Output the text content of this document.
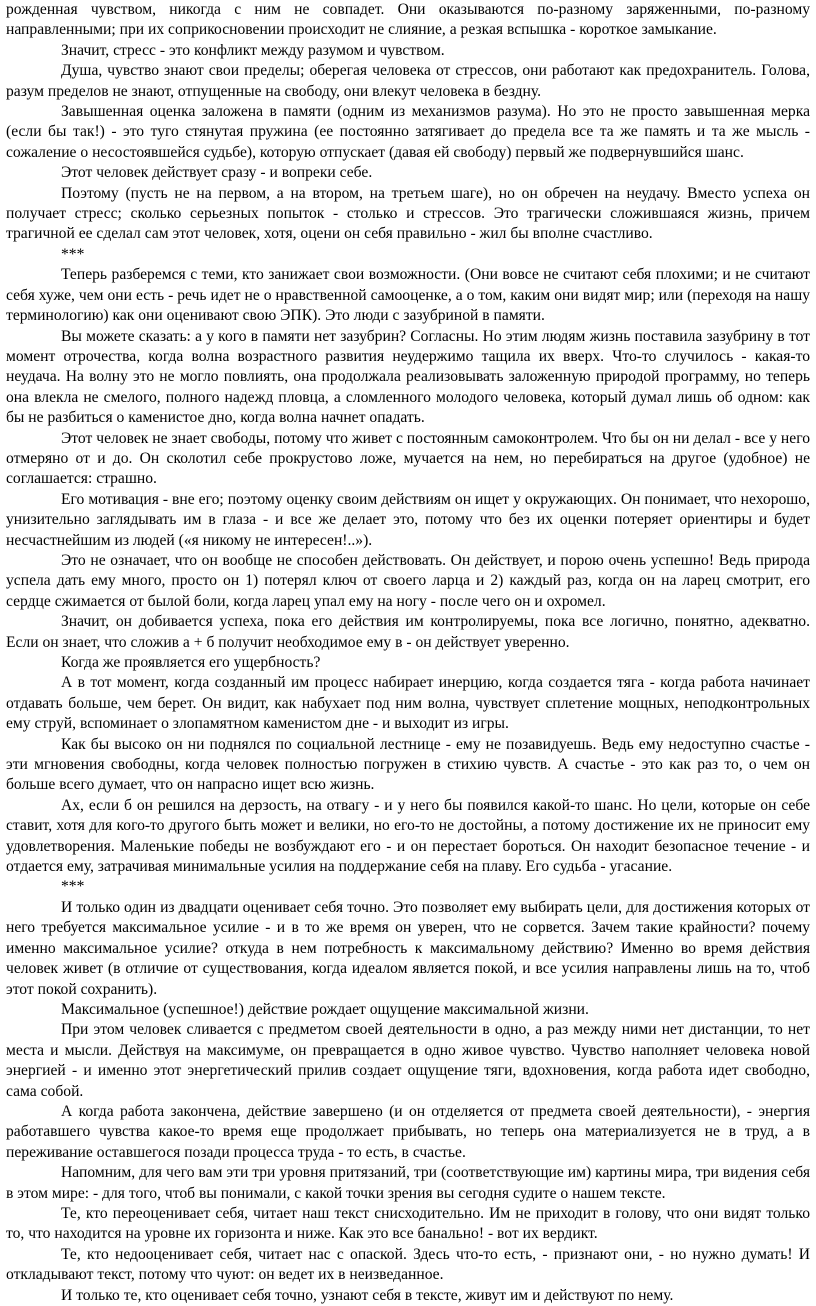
рожденная чувством, никогда с ним не совпадет. Они оказываются по-разному заряженными, по-разному направленными; при их соприкосновении происходит не слияние, а резкая вспышка - короткое замыкание.

Значит, стресс - это конфликт между разумом и чувством.

Душа, чувство знают свои пределы; оберегая человека от стрессов, они работают как предохранитель. Голова, разум пределов не знают, отпущенные на свободу, они влекут человека в бездну.

Завышенная оценка заложена в памяти (одним из механизмов разума). Но это не просто завышенная мерка (если бы так!) - это туго стянутая пружина (ее постоянно затягивает до предела все та же память и та же мысль - сожаление о несостоявшейся судьбе), которую отпускает (давая ей свободу) первый же подвернувшийся шанс.

Этот человек действует сразу - и вопреки себе.

Поэтому (пусть не на первом, а на втором, на третьем шаге), но он обречен на неудачу. Вместо успеха он получает стресс; сколько серьезных попыток - столько и стрессов. Это трагически сложившаяся жизнь, причем трагичной ее сделал сам этот человек, хотя, оцени он себя правильно - жил бы вполне счастливо.

***

Теперь разберемся с теми, кто занижает свои возможности. (Они вовсе не считают себя плохими; и не считают себя хуже, чем они есть - речь идет не о нравственной самооценке, а о том, каким они видят мир; или (переходя на нашу терминологию) как они оценивают свою ЭПК). Это люди с зазубриной в памяти.

Вы можете сказать: а у кого в памяти нет зазубрин? Согласны. Но этим людям жизнь поставила зазубрину в тот момент отрочества, когда волна возрастного развития неудержимо тащила их вверх. Что-то случилось - какая-то неудача. На волну это не могло повлиять, она продолжала реализовывать заложенную природой программу, но теперь она влекла не смелого, полного надежд пловца, а сломленного молодого человека, который думал лишь об одном: как бы не разбиться о каменистое дно, когда волна начнет опадать.

Этот человек не знает свободы, потому что живет с постоянным самоконтролем. Что бы он ни делал - все у него отмеряно от и до. Он сколотил себе прокрустово ложе, мучается на нем, но перебираться на другое (удобное) не соглашается: страшно.

Его мотивация - вне его; поэтому оценку своим действиям он ищет у окружающих. Он понимает, что нехорошо, унизительно заглядывать им в глаза - и все же делает это, потому что без их оценки потеряет ориентиры и будет несчастнейшим из людей («я никому не интересен!..»).

Это не означает, что он вообще не способен действовать. Он действует, и порою очень успешно! Ведь природа успела дать ему много, просто он 1) потерял ключ от своего ларца и 2) каждый раз, когда он на ларец смотрит, его сердце сжимается от былой боли, когда ларец упал ему на ногу - после чего он и охромел.

Значит, он добивается успеха, пока его действия им контролируемы, пока все логично, понятно, адекватно. Если он знает, что сложив а + б получит необходимое ему в - он действует уверенно.

Когда же проявляется его ущербность?

А в тот момент, когда созданный им процесс набирает инерцию, когда создается тяга - когда работа начинает отдавать больше, чем берет. Он видит, как набухает под ним волна, чувствует сплетение мощных, неподконтрольных ему струй, вспоминает о злопамятном каменистом дне - и выходит из игры.

Как бы высоко он ни поднялся по социальной лестнице - ему не позавидуешь. Ведь ему недоступно счастье - эти мгновения свободны, когда человек полностью погружен в стихию чувств. А счастье - это как раз то, о чем он больше всего думает, что он напрасно ищет всю жизнь.

Ах, если б он решился на дерзость, на отвагу - и у него бы появился какой-то шанс. Но цели, которые он себе ставит, хотя для кого-то другого быть может и велики, но его-то не достойны, а потому достижение их не приносит ему удовлетворения. Маленькие победы не возбуждают его - и он перестает бороться. Он находит безопасное течение - и отдается ему, затрачивая минимальные усилия на поддержание себя на плаву. Его судьба - угасание.

***

И только один из двадцати оценивает себя точно. Это позволяет ему выбирать цели, для достижения которых от него требуется максимальное усилие - и в то же время он уверен, что не сорвется. Зачем такие крайности? почему именно максимальное усилие? откуда в нем потребность к максимальному действию? Именно во время действия человек живет (в отличие от существования, когда идеалом является покой, и все усилия направлены лишь на то, чтоб этот покой сохранить).

Максимальное (успешное!) действие рождает ощущение максимальной жизни.

При этом человек сливается с предметом своей деятельности в одно, а раз между ними нет дистанции, то нет места и мысли. Действуя на максимуме, он превращается в одно живое чувство. Чувство наполняет человека новой энергией - и именно этот энергетический прилив создает ощущение тяги, вдохновения, когда работа идет свободно, сама собой.

А когда работа закончена, действие завершено (и он отделяется от предмета своей деятельности), - энергия работавшего чувства какое-то время еще продолжает прибывать, но теперь она материализуется не в труд, а в переживание оставшегося позади процесса труда - то есть, в счастье.

Напомним, для чего вам эти три уровня притязаний, три (соответствующие им) картины мира, три видения себя в этом мире: - для того, чтоб вы понимали, с какой точки зрения вы сегодня судите о нашем тексте.

Те, кто переоценивает себя, читает наш текст снисходительно. Им не приходит в голову, что они видят только то, что находится на уровне их горизонта и ниже. Как это все банально! - вот их вердикт.

Те, кто недооценивает себя, читает нас с опаской. Здесь что-то есть, - признают они, - но нужно думать! И откладывают текст, потому что чуют: он ведет их в неизведанное.

И только те, кто оценивает себя точно, узнают себя в тексте, живут им и действуют по нему.
